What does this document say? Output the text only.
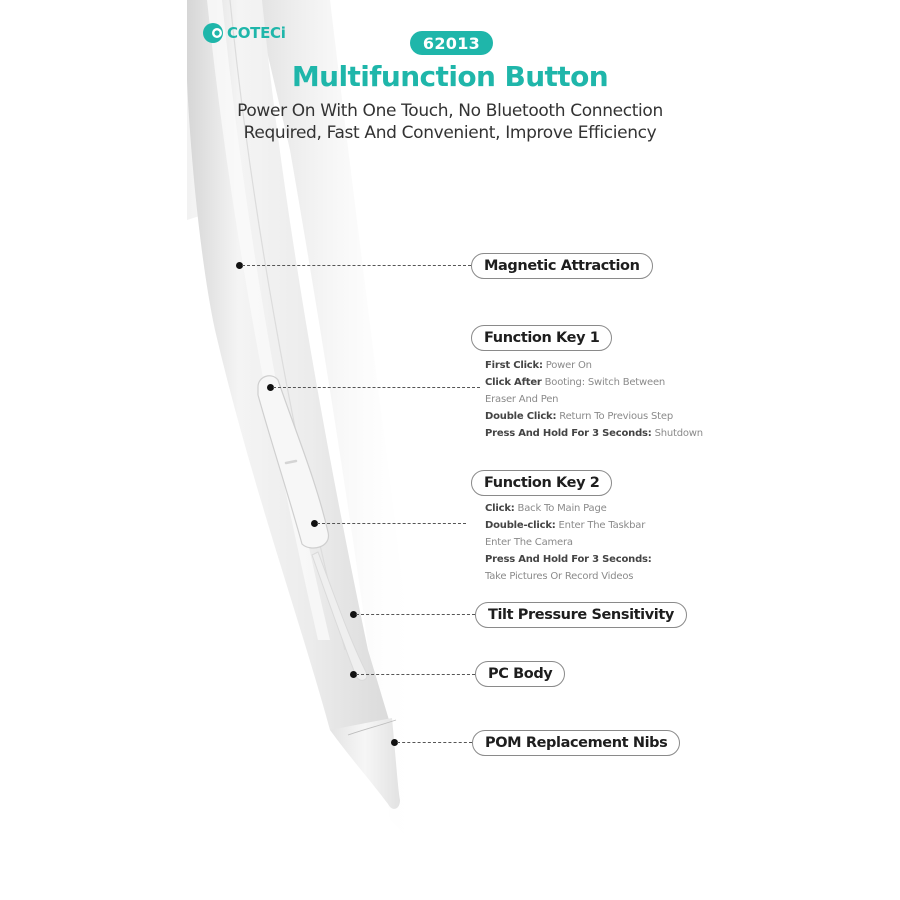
COTECi
62013
Multifunction Button
Power On With One Touch, No Bluetooth Connection
Required, Fast And Convenient, Improve Efficiency
Magnetic Attraction
Function Key 1
First Click: Power On
Click After Booting: Switch Between
Eraser And Pen
Double Click: Return To Previous Step
Press And Hold For 3 Seconds: Shutdown
Function Key 2
Click: Back To Main Page
Double-click: Enter The Taskbar
Enter The Camera
Press And Hold For 3 Seconds:
Take Pictures Or Record Videos
Tilt Pressure Sensitivity
PC Body
POM Replacement Nibs
